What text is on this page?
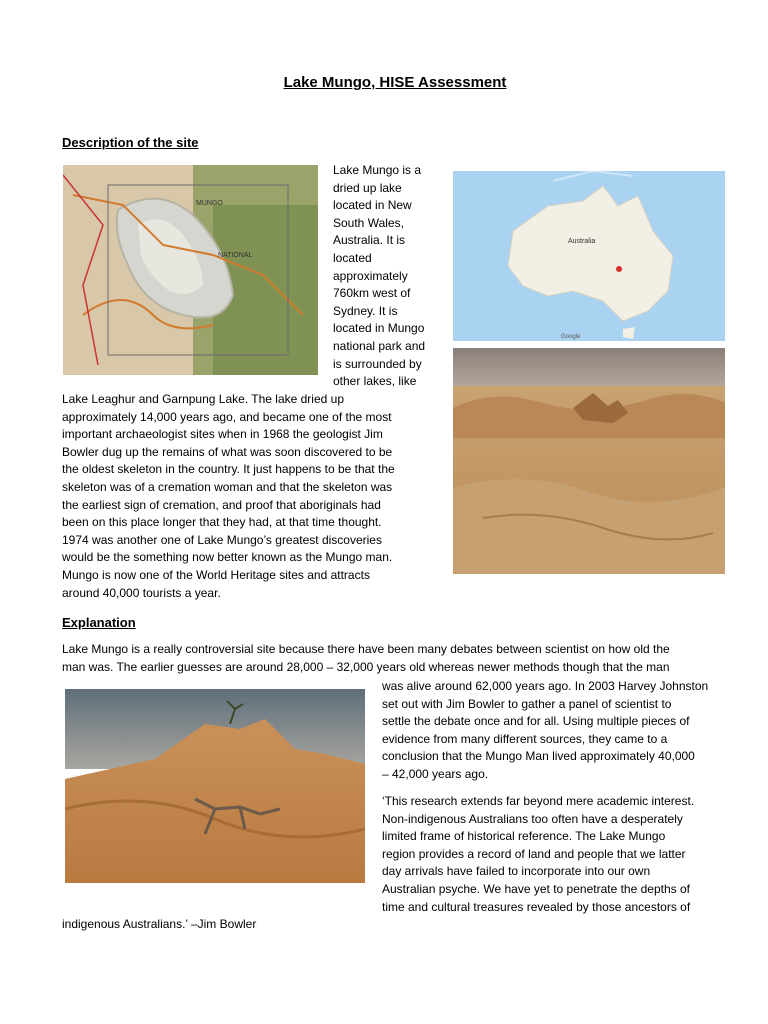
Lake Mungo, HISE Assessment
Description of the site
MUNGO
NATIONAL
Lake Mungo is a
dried up lake
located in New
South Wales,
Australia. It is
located
approximately
760km west of
Sydney. It is
located in Mungo
national park and
is surrounded by
other lakes, like
Lake Leaghur and Garnpung Lake. The lake dried up
approximately 14,000 years ago, and became one of the most
important archaeologist sites when in 1968 the geologist Jim
Bowler dug up the remains of what was soon discovered to be
the oldest skeleton in the country. It just happens to be that the
skeleton was of a cremation woman and that the skeleton was
the earliest sign of cremation, and proof that aboriginals had
been on this place longer that they had, at that time thought.
1974 was another one of Lake Mungo’s greatest discoveries
would be the something now better known as the Mungo man.
Mungo is now one of the World Heritage sites and attracts
around 40,000 tourists a year.
Australia
Google
Explanation
Lake Mungo is a really controversial site because there have been many debates between scientist on how old the
man was. The earlier guesses are around 28,000 – 32,000 years old whereas newer methods though that the man
was alive around 62,000 years ago. In 2003 Harvey Johnston
set out with Jim Bowler to gather a panel of scientist to
settle the debate once and for all. Using multiple pieces of
evidence from many different sources, they came to a
conclusion that the Mungo Man lived approximately 40,000
– 42,000 years ago.
‘This research extends far beyond mere academic interest.
Non-indigenous Australians too often have a desperately
limited frame of historical reference. The Lake Mungo
region provides a record of land and people that we latter
day arrivals have failed to incorporate into our own
Australian psyche. We have yet to penetrate the depths of
time and cultural treasures revealed by those ancestors of
indigenous Australians.’ –Jim Bowler
